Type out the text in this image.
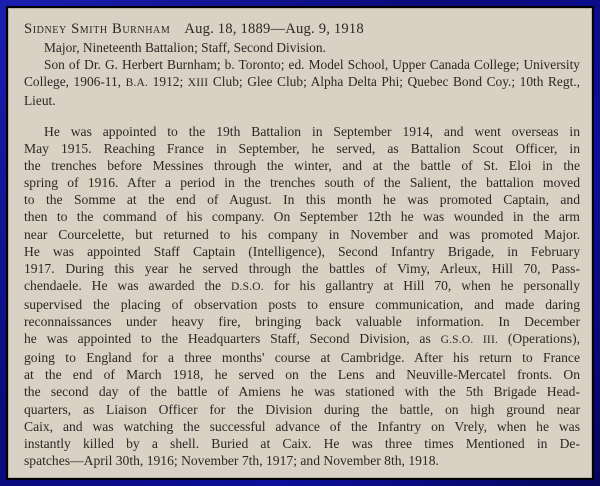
Sidney Smith Burnham Aug. 18, 1889—Aug. 9, 1918
Major, Nineteenth Battalion; Staff, Second Division.

Son of Dr. G. Herbert Burnham; b. Toronto; ed. Model School, Upper Canada College; University College, 1906-11, B.A. 1912; XIII Club; Glee Club; Alpha Delta Phi; Quebec Bond Coy.; 10th Regt., Lieut.

He was appointed to the 19th Battalion in September 1914, and went overseas in
May 1915. Reaching France in September, he served, as Battalion Scout Officer, in
the trenches before Messines through the winter, and at the battle of St. Eloi in the
spring of 1916. After a period in the trenches south of the Salient, the battalion moved
to the Somme at the end of August. In this month he was promoted Captain, and
then to the command of his company. On September 12th he was wounded in the arm
near Courcelette, but returned to his company in November and was promoted Major.
He was appointed Staff Captain (Intelligence), Second Infantry Brigade, in February
1917. During this year he served through the battles of Vimy, Arleux, Hill 70, Pass-
chendaele. He was awarded the D.S.O. for his gallantry at Hill 70, when he personally
supervised the placing of observation posts to ensure communication, and made daring
reconnaissances under heavy fire, bringing back valuable information. In December
he was appointed to the Headquarters Staff, Second Division, as G.S.O. III. (Operations),
going to England for a three months' course at Cambridge. After his return to France
at the end of March 1918, he served on the Lens and Neuville-Mercatel fronts. On
the second day of the battle of Amiens he was stationed with the 5th Brigade Head-
quarters, as Liaison Officer for the Division during the battle, on high ground near
Caix, and was watching the successful advance of the Infantry on Vrely, when he was
instantly killed by a shell. Buried at Caix. He was three times Mentioned in De-
spatches—April 30th, 1916; November 7th, 1917; and November 8th, 1918.
